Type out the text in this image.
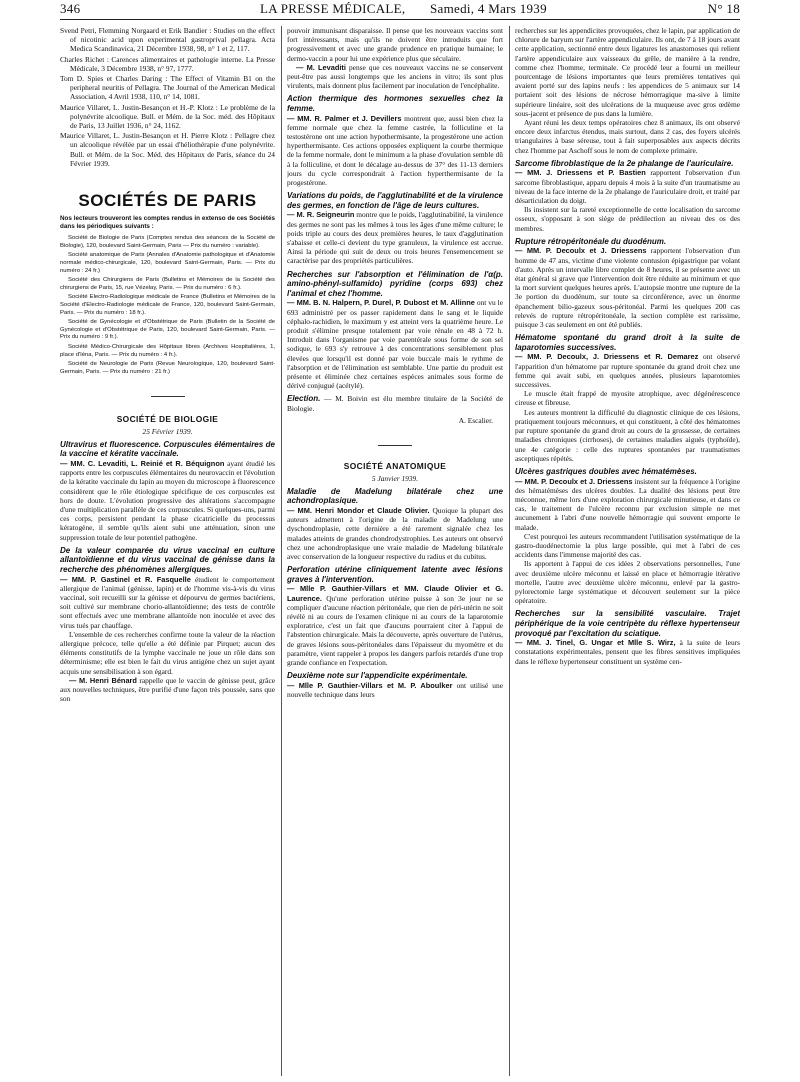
346	LA PRESSE MÉDICALE, Samedi, 4 Mars 1939	N° 18

Svend Petri, Flemming Norgaard et Erik Bandier : Studies on the effect of nicotinic acid upon experimental gastroprival pellagra. Acta Medica Scandinavica, 21 Décembre 1938, 98, n° 1 et 2, 117.

Charles Richet : Carences alimentaires et pathologie interne. La Presse Médicale, 3 Décembre 1938, n° 97, 1777.

Tom D. Spies et Charles Daring : The Effect of Vitamin B1 on the peripheral neuritis of Pellagra. The Journal of the American Medical Association, 4 Avril 1938, 110, n° 14, 1081.

Maurice Villaret, L. Justin-Besançon et H.-P. Klotz : Le problème de la polynévrite alcoolique. Bull. et Mém. de la Soc. méd. des Hôpitaux de Paris, 13 Juillet 1936, n° 24, 1162.

Maurice Villaret, L. Justin-Besançon et H. Pierre Klotz : Pellagre chez un alcoolique révélée par un essai d'héliothérapie d'une polynévrite. Bull. et Mém. de la Soc. Méd. des Hôpitaux de Paris, séance du 24 Février 1939.

SOCIÉTÉS DE PARIS

Nos lecteurs trouveront les comptes rendus in extenso de ces Sociétés dans les périodiques suivants :

Société de Biologie de Paris (Comptes rendus des séances de la Société de Biologie), 120, boulevard Saint-Germain, Paris — Prix du numéro : variable).

Société anatomique de Paris (Annales d'Anatomie pathologique et d'Anatomie normale médico-chirurgicale, 120, boulevard Saint-Germain, Paris. — Prix du numéro : 24 fr.)

Société des Chirurgiens de Paris (Bulletins et Mémoires de la Société des chirurgiens de Paris, 15, rue Vézelay, Paris. — Prix du numéro : 6 fr.).

Société Electro-Radiologique médicale de France (Bulletins et Mémoires de la Société d'Electro-Radiologie médicale de France, 120, boulevard Saint-Germain, Paris. — Prix du numéro : 18 fr.).

Société de Gynécologie et d'Obstétrique de Paris (Bulletin de la Société de Gynécologie et d'Obstétrique de Paris, 120, boulevard Saint-Germain, Paris. — Prix du numéro : 9 fr.).

Société Médico-Chirurgicale des Hôpitaux libres (Archives Hospitalières, 1, place d'Iéna, Paris. — Prix du numéro : 4 fr.).

Société de Neurologie de Paris (Revue Neurologique, 120, boulevard Saint-Germain, Paris. — Prix du numéro : 21 fr.)

SOCIÉTÉ DE BIOLOGIE
25 Février 1939.

Ultravirus et fluorescence. Corpuscules élémentaires de la vaccine et kératite vaccinale.

— MM. C. Levaditi, L. Reinié et R. Béquignon ayant étudié les rapports entre les corpuscules élémentaires du neurovaccin et l'évolution de la kératite vaccinale du lapin au moyen du microscope à fluorescence considèrent que le rôle étiologique spécifique de ces corpuscules est hors de doute. L'évolution progressive des altérations s'accompagne d'une multiplication parallèle de ces corpuscules. Si quelques-uns, parmi ces corps, persistent pendant la phase cicatricielle du processus kératogène, il semble qu'ils aient subi une atténuation, sinon une suppression totale de leur potentiel pathogène.

De la valeur comparée du virus vaccinal en culture allantoïdienne et du virus vaccinal de génisse dans la recherche des phénomènes allergiques.

— MM. P. Gastinel et R. Fasquelle étudient le comportement allergique de l'animal (génisse, lapin) et de l'homme vis-à-vis du virus vaccinal, soit recueilli sur la génisse et dépourvu de germes bactériens, soit cultivé sur membrane chorio-allantoïdienne; des tests de contrôle sont effectués avec une membrane allantoïde non inoculée et avec des virus tués par chauffage.

L'ensemble de ces recherches confirme toute la valeur de la réaction allergique précoce, telle qu'elle a été définie par Pirquet; aucun des éléments constitutifs de la lymphe vaccinale ne joue un rôle dans son déterminisme; elle est bien le fait du virus antigène chez un sujet ayant acquis une sensibilisation à son égard.

— M. Henri Bénard rappelle que le vaccin de génisse peut, grâce aux nouvelles techniques, être purifié d'une façon très poussée, sans que son

pouvoir immunisant disparaisse. Il pense que les nouveaux vaccins sont fort intéressants, mais qu'ils ne doivent être introduits que fort progressivement et avec une grande prudence en pratique humaine; le dermo-vaccin a pour lui une expérience plus que séculaire.

— M. Levaditi pense que ces nouveaux vaccins ne se conservent peut-être pas aussi longtemps que les anciens in vitro; ils sont plus virulents, mais donnent plus facilement par inoculation de l'encéphalite.

Action thermique des hormones sexuelles chez la femme.

— MM. R. Palmer et J. Devillers montrent que, aussi bien chez la femme normale que chez la femme castrée, la folliculine et la testostérone ont une action hypothermisante, la progestérone une action hyperthermisante. Ces actions opposées expliquent la courbe thermique de la femme normale, dont le minimum a la phase d'ovulation semble dû à la folliculine, et dont le décalage au-dessus de 37° des 11-13 derniers jours du cycle correspondrait à l'action hyperthermisante de la progestérone.

Variations du poids, de l'agglutinabilité et de la virulence des germes, en fonction de l'âge de leurs cultures.

— M. R. Seigneurin montre que le poids, l'agglutinabilité, la virulence des germes ne sont pas les mêmes à tous les âges d'une même culture; le poids triple au cours des deux premières heures, le taux d'agglutination s'abaisse et celle-ci devient du type granuleux, la virulence est accrue. Ainsi la période qui suit de deux ou trois heures l'ensemencement se caractérise par des propriétés particulières.

Recherches sur l'absorption et l'élimination de l'α(p. amino-phényl-sulfamido) pyridine (corps 693) chez l'animal et chez l'homme.

— MM. B. N. Halpern, P. Durel, P. Dubost et M. Allinne ont vu le 693 administré per os passer rapidement dans le sang et le liquide céphalo-rachidien, le maximum y est atteint vers la quatrième heure. Le produit s'élimine presque totalement par voie rénale en 48 à 72 h. Introduit dans l'organisme par voie parentérale sous forme de son sel sodique, le 693 s'y retrouve à des concentrations sensiblement plus élevées que lorsqu'il est donné par voie buccale mais le rythme de l'absorption et de l'élimination est semblable. Une partie du produit est présente et éliminée chez certaines espèces animales sous forme de dérivé conjugué (acétylé).

Election. — M. Boivin est élu membre titulaire de la Société de Biologie.

A. Escalier.

SOCIÉTÉ ANATOMIQUE
5 Janvier 1939.

Maladie de Madelung bilatérale chez une achondroplasique.

— MM. Henri Mondor et Claude Olivier. Quoique la plupart des auteurs admettent à l'origine de la maladie de Madelung une dyschondroplasie, cette dernière a été rarement signalée chez les malades atteints de grandes chondrodystrophies. Les auteurs ont observé chez une achondroplasique une vraie maladie de Madelung bilatérale avec conservation de la longueur respective du radius et du cubitus.

Perforation utérine cliniquement latente avec lésions graves à l'intervention.

— Mlle P. Gauthier-Villars et MM. Claude Olivier et G. Laurence. Qu'une perforation utérine puisse à son 3e jour ne se compliquer d'aucune réaction péritonéale, que rien de péri-utérin ne soit révélé ni au cours de l'examen clinique ni au cours de la laparotomie exploratrice, c'est un fait que d'aucuns pourraient citer à l'appui de l'abstention chirurgicale. Mais la découverte, après ouverture de l'utérus, de graves lésions sous-péritonéales dans l'épaisseur du myomètre et du paramètre, vient rappeler à propos les dangers parfois retardés d'une trop grande confiance en l'expectation.

Deuxième note sur l'appendicite expérimentale.

— Mlle P. Gauthier-Villars et M. P. Aboulker ont utilisé une nouvelle technique dans leurs

recherches sur les appendicites provoquées, chez le lapin, par application de chlorure de baryum sur l'artère appendiculaire. Ils ont, de 7 à 18 jours avant cette application, sectionné entre deux ligatures les anastomoses qui relient l'artère appendiculaire aux vaisseaux du grêle, de manière à la rendre, comme chez l'homme, terminale. Ce procédé leur a fourni un meilleur pourcentage de lésions importantes que leurs premières tentatives qui avaient porté sur des lapins neufs : les appendices de 5 animaux sur 14 portaient soit des lésions de nécrose hémorragique ma-sive à limite supérieure linéaire, soit des ulcérations de la muqueuse avec gros œdème sous-jacent et présence de pus dans la lumière.

Ayant réuni les deux temps opératoires chez 8 animaux, ils ont observé encore deux infarctus étendus, mais surtout, dans 2 cas, des foyers ulcérés triangulaires à base séreuse, tout à fait superposables aux aspects décrits chez l'homme par Aschoff sous le nom de complexe primaire.

Sarcome fibroblastique de la 2e phalange de l'auriculaire.

— MM. J. Driessens et P. Bastien rapportent l'observation d'un sarcome fibroblastique, apparu depuis 4 mois à la suite d'un traumatisme au niveau de la face interne de la 2e phalange de l'auriculaire droit, et traité par désarticulation du doigt.

Ils insistent sur la rareté exceptionnelle de cette localisation du sarcome osseux, s'opposant à son siège de prédilection au niveau des os des membres.

Rupture rétropéritonéale du duodénum.

— MM. P. Decoulx et J. Driessens rapportent l'observation d'un homme de 47 ans, victime d'une violente contusion épigastrique par volant d'auto. Après un intervalle libre complet de 8 heures, il se présente avec un état général si grave que l'intervention doit être réduite au minimum et que la mort survient quelques heures après. L'autopsie montre une rupture de la 3e portion du duodénum, sur toute sa circonférence, avec un énorme épanchement bilio-gazeux sous-péritonéal. Parmi les quelques 200 cas relevés de rupture rétropéritonéale, la section complète est rarissime, puisque 3 cas seulement en ont été publiés.

Hématome spontané du grand droit à la suite de laparotomies successives.

— MM. P. Decoulx, J. Driessens et R. Demarez ont observé l'apparition d'un hématome par rupture spontanée du grand droit chez une femme qui avait subi, en quelques années, plusieurs laparotomies successives.

Le muscle était frappé de myosite atrophique, avec dégénérescence cireuse et fibreuse.

Les auteurs montrent la difficulté du diagnostic clinique de ces lésions, pratiquement toujours méconnues, et qui constituent, à côté des hématomes par rupture spontanée du grand droit au cours de la grossesse, de certaines maladies chroniques (cirrhoses), de certaines maladies aiguës (typhoïde), une 4e catégorie : celle des ruptures spontanées par traumatismes asceptiques répétés.

Ulcères gastriques doubles avec hématémèses.

— MM. P. Decoulx et J. Driessens insistent sur la fréquence à l'origine des hématémèses des ulcères doubles. La dualité des lésions peut être méconnue, même lors d'une exploration chirurgicale minutieuse, et dans ce cas, le traitement de l'ulcère reconnu par exclusion simple ne met aucunement à l'abri d'une nouvelle hémorragie qui souvent emporte le malade.

C'est pourquoi les auteurs recommandent l'utilisation systématique de la gastro-duodénectomie la plus large possible, qui met à l'abri de ces accidents dans l'immense majorité des cas.

Ils apportent à l'appui de ces idées 2 observations personnelles, l'une avec deuxième ulcère méconnu et laissé en place et hémorragie itérative mortelle, l'autre avec deuxième ulcère méconnu, enlevé par la gastro-pylorectomie large systématique et découvert seulement sur la pièce opératoire.

Recherches sur la sensibilité vasculaire. Trajet périphérique de la voie centripète du réflexe hypertenseur provoqué par l'excitation du sciatique.

— MM. J. Tinel, G. Ungar et Mlle S. Wirz, à la suite de leurs constatations expérimentales, pensent que les fibres sensitives impliquées dans le réflexe hypertenseur constituent un système cen-
